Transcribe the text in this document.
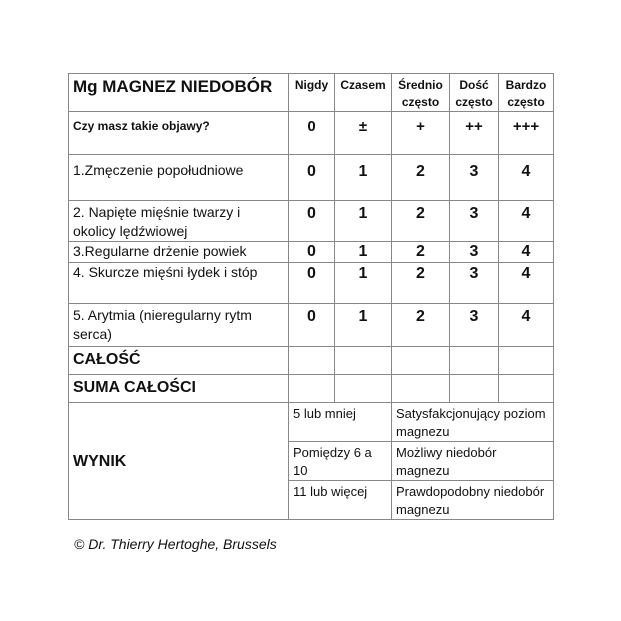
Mg MAGNEZ NIEDOBÓR	Nigdy	Czasem	Średnio często	Dość często	Bardzo często
Czy masz takie objawy?	0	±	+	++	+++
1.Zmęczenie popołudniowe	0	1	2	3	4
2. Napięte mięśnie twarzy i okolicy lędźwiowej	0	1	2	3	4
3.Regularne drżenie powiek	0	1	2	3	4
4. Skurcze mięśni łydek i stóp	0	1	2	3	4
5. Arytmia (nieregularny rytm serca)	0	1	2	3	4
CAŁOŚĆ					
SUMA CAŁOŚCI					
WYNIK	5 lub mniej		Satysfakcjonujący poziom magnezu		
	Pomiędzy 6 a 10		Możliwy niedobór magnezu		
	11 lub więcej		Prawdopodobny niedobór magnezu		
© Dr. Thierry Hertoghe, Brussels
